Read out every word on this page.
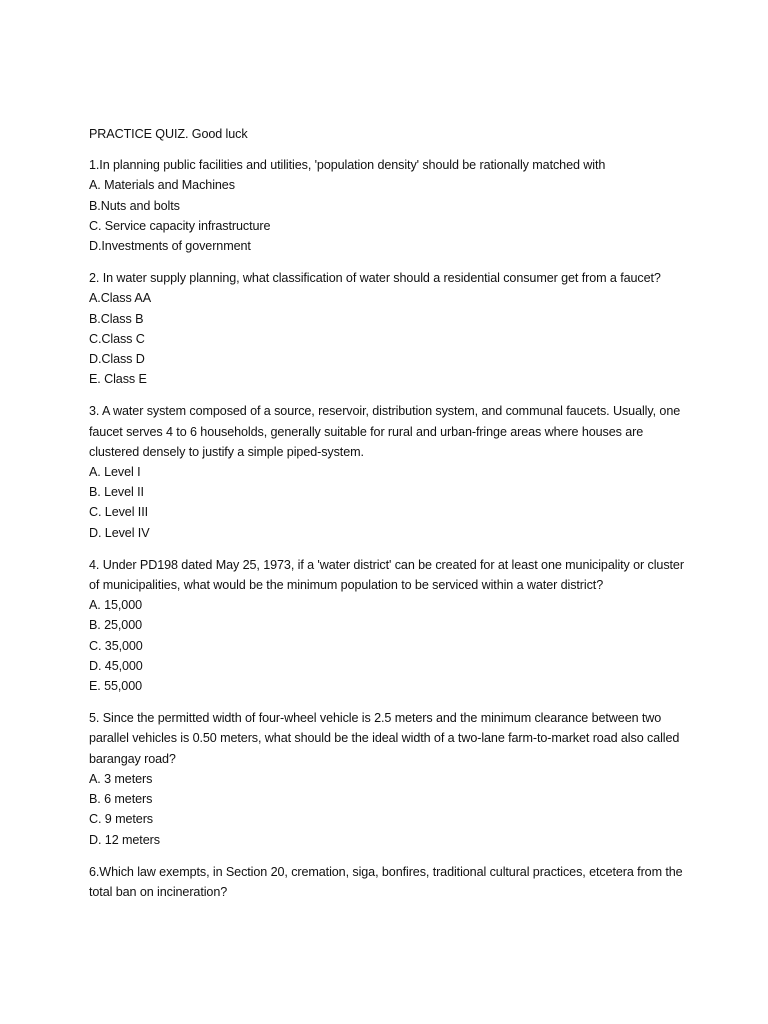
PRACTICE QUIZ. Good luck
1.In planning public facilities and utilities, 'population density' should be rationally matched with
A. Materials and Machines
B.Nuts and bolts
C. Service capacity infrastructure
D.Investments of government
2. In water supply planning, what classification of water should a residential consumer get from a faucet?
A.Class AA
B.Class B
C.Class C
D.Class D
E. Class E
3. A water system composed of a source, reservoir, distribution system, and communal faucets. Usually, one faucet serves 4 to 6 households, generally suitable for rural and urban-fringe areas where houses are clustered densely to justify a simple piped-system.
A. Level I
B. Level II
C. Level III
D. Level IV
4. Under PD198 dated May 25, 1973, if a 'water district' can be created for at least one municipality or cluster of municipalities, what would be the minimum population to be serviced within a water district?
A. 15,000
B. 25,000
C. 35,000
D. 45,000
E. 55,000
5. Since the permitted width of four-wheel vehicle is 2.5 meters and the minimum clearance between two parallel vehicles is 0.50 meters, what should be the ideal width of a two-lane farm-to-market road also called barangay road?
A. 3 meters
B. 6 meters
C. 9 meters
D. 12 meters
6.Which law exempts, in Section 20, cremation, siga, bonfires, traditional cultural practices, etcetera from the total ban on incineration?
